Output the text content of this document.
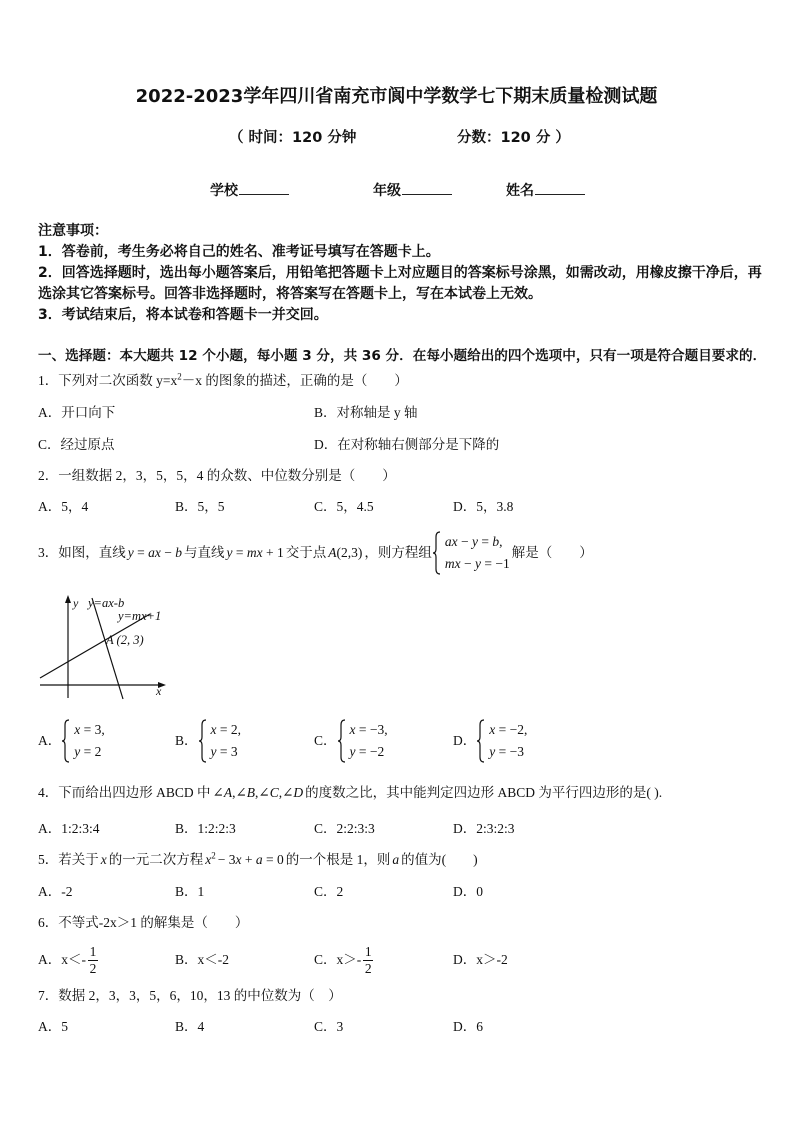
2022-2023学年四川省南充市阆中学数学七下期末质量检测试题
（ 时间：120 分钟	分数：120 分 ）
学校	年级	姓名
注意事项：
1．答卷前，考生务必将自己的姓名、准考证号填写在答题卡上。
2．回答选择题时，选出每小题答案后，用铅笔把答题卡上对应题目的答案标号涂黑，如需改动，用橡皮擦干净后，再
选涂其它答案标号。回答非选择题时，将答案写在答题卡上，写在本试卷上无效。
3．考试结束后，将本试卷和答题卡一并交回。
一、选择题：本大题共 12 个小题，每小题 3 分，共 36 分．在每小题给出的四个选项中，只有一项是符合题目要求的．
1．下列对二次函数 $y=x^2-x$ 的图象的描述，正确的是（　　）
A．开口向下	B．对称轴是 y 轴
C．经过原点	D．在对称轴右侧部分是下降的
2．一组数据 2，3，5，5，4 的众数、中位数分别是（　　）
A．5，4	B．5，5	C．5，4.5	D．5，3.8
3．如图，直线 y = ax − b 与直线 y = mx + 1 交于点 A(2,3) ，则方程组
ax − y = b,
mx − y = −1
解是（　　）
y
x
y=ax-b
y=mx+1
A (2, 3)
A．
x = 3,
y = 2
B．
x = 2,
y = 3
C．
x = −3,
y = −2
D．
x = −2,
y = −3
4．下而给出四边形 ABCD 中 ∠A,∠B,∠C,∠D 的度数之比，其中能判定四边形 ABCD 为平行四边形的是( ).
A．1:2:3:4	B．1:2:2:3	C．2:2:3:3	D．2:3:2:3
5．若关于 x 的一元二次方程 $x^2 - 3x + a = 0$ 的一个根是 1，则 a 的值为(　　)
A．-2	B．1	C．2	D．0
6．不等式-2x＞1 的解集是（　　）
A．$x<- \frac{1}{2}$	B．x＜-2	C．$x>- \frac{1}{2}$	D．x＞-2
7．数据 2，3，3，5，6，10，13 的中位数为（　）
A．5	B．4	C．3	D．6
